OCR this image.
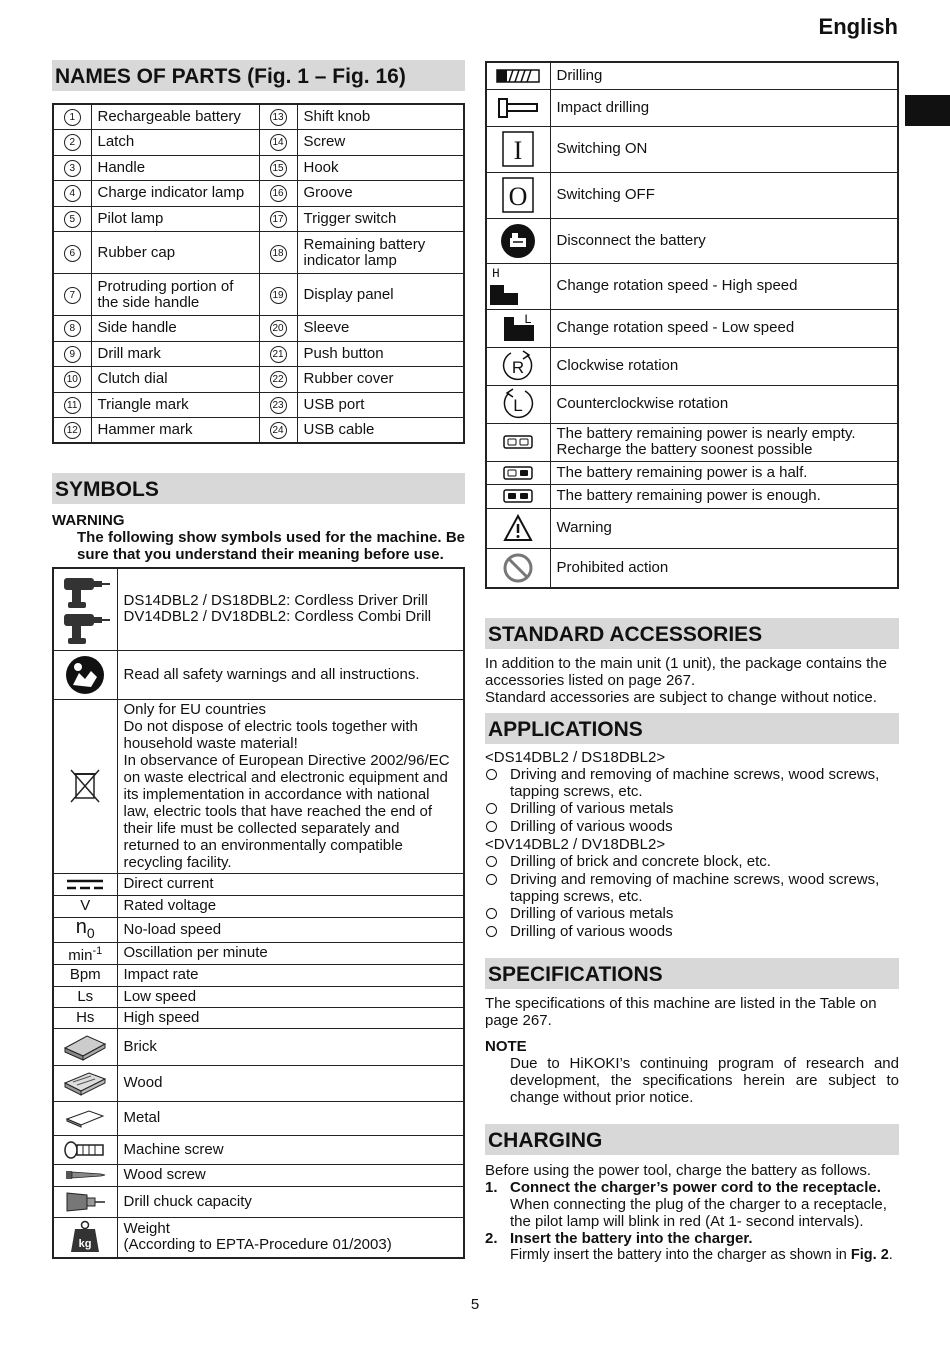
English
NAMES OF PARTS (Fig. 1 – Fig. 16)
1	Rechargeable battery	13	Shift knob
2	Latch	14	Screw
3	Handle	15	Hook
4	Charge indicator lamp	16	Groove
5	Pilot lamp	17	Trigger switch
6	Rubber cap	18	Remaining battery indicator lamp
7	Protruding portion of the side handle	19	Display panel
8	Side handle	20	Sleeve
9	Drill mark	21	Push button
10	Clutch dial	22	Rubber cover
11	Triangle mark	23	USB port
12	Hammer mark	24	USB cable
SYMBOLS
WARNING
The following show symbols used for the machine. Be sure that you understand their meaning before use.

DS14DBL2 / DS18DBL2: Cordless Driver Drill
DV14DBL2 / DV18DBL2: Cordless Combi Drill

	Read all safety warnings and all instructions.

	Only for EU countries
Do not dispose of electric tools together with household waste material!
In observance of European Directive 2002/96/EC on waste electrical and electronic equipment and its implementation in accordance with national law, electric tools that have reached the end of their life must be collected separately and returned to an environmentally compatible recycling facility.

	Direct current
V	Rated voltage
$n_0$	No-load speed
$\min^{-1}$	Oscillation per minute
Bpm	Impact rate
Ls	Low speed
Hs	High speed

	Brick

	Wood

	Metal

	Machine screw

	Wood screw

	Drill chuck capacity

kg	Weight
(According to EPTA-Procedure 01/2003)
	Drilling

	Impact drilling

I	Switching ON

O	Switching OFF

	Disconnect the battery

H	Change rotation speed - High speed

L	Change rotation speed - Low speed

R	Clockwise rotation

L	Counterclockwise rotation

The battery remaining power is nearly empty.
Recharge the battery soonest possible

	The battery remaining power is a half.

	The battery remaining power is enough.

	Warning

	Prohibited action
STANDARD ACCESSORIES
In addition to the main unit (1 unit), the package contains the accessories listed on page 267.
Standard accessories are subject to change without notice.
APPLICATIONS
<DS14DBL2 / DS18DBL2>
Driving and removing of machine screws, wood screws, tapping screws, etc.
Drilling of various metals
Drilling of various woods
<DV14DBL2 / DV18DBL2>
Drilling of brick and concrete block, etc.
Driving and removing of machine screws, wood screws, tapping screws, etc.
Drilling of various metals
Drilling of various woods
SPECIFICATIONS
The specifications of this machine are listed in the Table on page 267.
NOTE
Due to HiKOKI’s continuing program of research and development, the specifications herein are subject to change without prior notice.
CHARGING
Before using the power tool, charge the battery as follows.
1. Connect the charger’s power cord to the receptacle.
When connecting the plug of the charger to a receptacle, the pilot lamp will blink in red (At 1- second intervals).
2. Insert the battery into the charger.
Firmly insert the battery into the charger as shown in Fig. 2.
5
